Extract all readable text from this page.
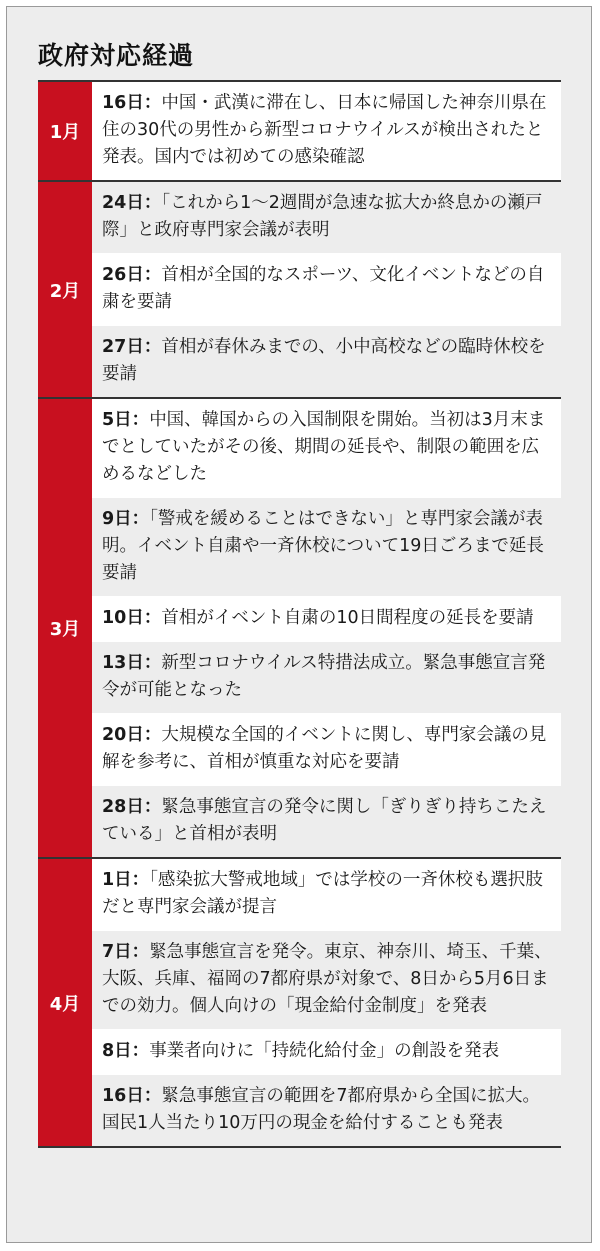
政府対応経過
1月
16日：中国・武漢に滞在し、日本に帰国した神奈川県在住の30代の男性から新型コロナウイルスが検出されたと発表。国内では初めての感染確認
2月
24日：「これから1～2週間が急速な拡大か終息かの瀬戸際」と政府専門家会議が表明
26日：首相が全国的なスポーツ、文化イベントなどの自粛を要請
27日：首相が春休みまでの、小中高校などの臨時休校を要請
3月
5日：中国、韓国からの入国制限を開始。当初は3月末までとしていたがその後、期間の延長や、制限の範囲を広めるなどした
9日：「警戒を緩めることはできない」と専門家会議が表明。イベント自粛や一斉休校について19日ごろまで延長要請
10日：首相がイベント自粛の10日間程度の延長を要請
13日：新型コロナウイルス特措法成立。緊急事態宣言発令が可能となった
20日：大規模な全国的イベントに関し、専門家会議の見解を参考に、首相が慎重な対応を要請
28日：緊急事態宣言の発令に関し「ぎりぎり持ちこたえている」と首相が表明
4月
1日：「感染拡大警戒地域」では学校の一斉休校も選択肢だと専門家会議が提言
7日：緊急事態宣言を発令。東京、神奈川、埼玉、千葉、大阪、兵庫、福岡の7都府県が対象で、8日から5月6日までの効力。個人向けの「現金給付金制度」を発表
8日：事業者向けに「持続化給付金」の創設を発表
16日：緊急事態宣言の範囲を7都府県から全国に拡大。国民1人当たり10万円の現金を給付することも発表
